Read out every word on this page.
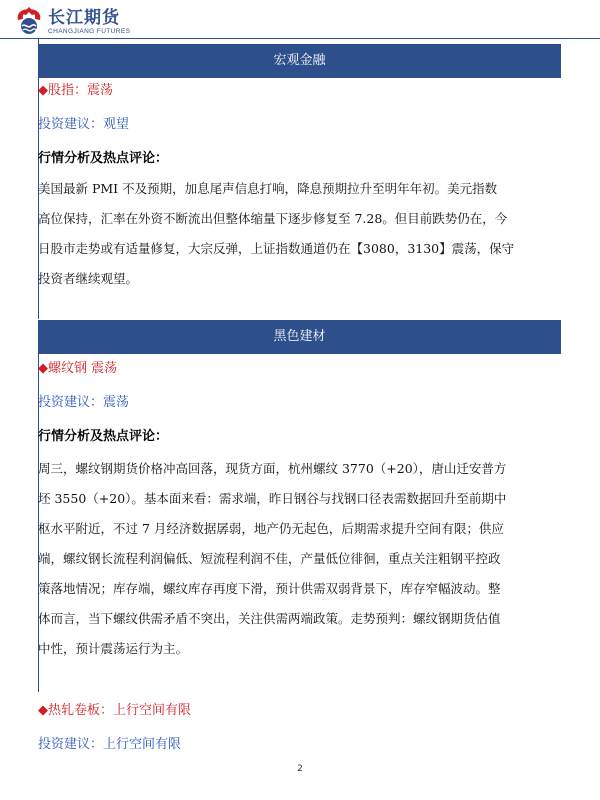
长江期货
CHANGJIANG FUTURES
宏观金融
◆股指：震荡
投资建议：观望
行情分析及热点评论：
美国最新 PMI 不及预期，加息尾声信息打响，降息预期拉升至明年年初。美元指数
高位保持，汇率在外资不断流出但整体缩量下逐步修复至 7.28。但目前跌势仍在，今
日股市走势或有适量修复，大宗反弹，上证指数通道仍在【3080，3130】震荡，保守
投资者继续观望。
黑色建材
◆螺纹钢 震荡
投资建议：震荡
行情分析及热点评论：
周三，螺纹钢期货价格冲高回落，现货方面，杭州螺纹 3770（+20），唐山迁安普方
坯 3550（+20）。基本面来看：需求端，昨日钢谷与找钢口径表需数据回升至前期中
枢水平附近，不过 7 月经济数据孱弱，地产仍无起色，后期需求提升空间有限；供应
端，螺纹钢长流程利润偏低、短流程利润不佳，产量低位徘徊，重点关注粗钢平控政
策落地情况；库存端，螺纹库存再度下滑，预计供需双弱背景下，库存窄幅波动。整
体而言，当下螺纹供需矛盾不突出，关注供需两端政策。走势预判：螺纹钢期货估值
中性，预计震荡运行为主。
◆热轧卷板：上行空间有限
投资建议：上行空间有限
2
